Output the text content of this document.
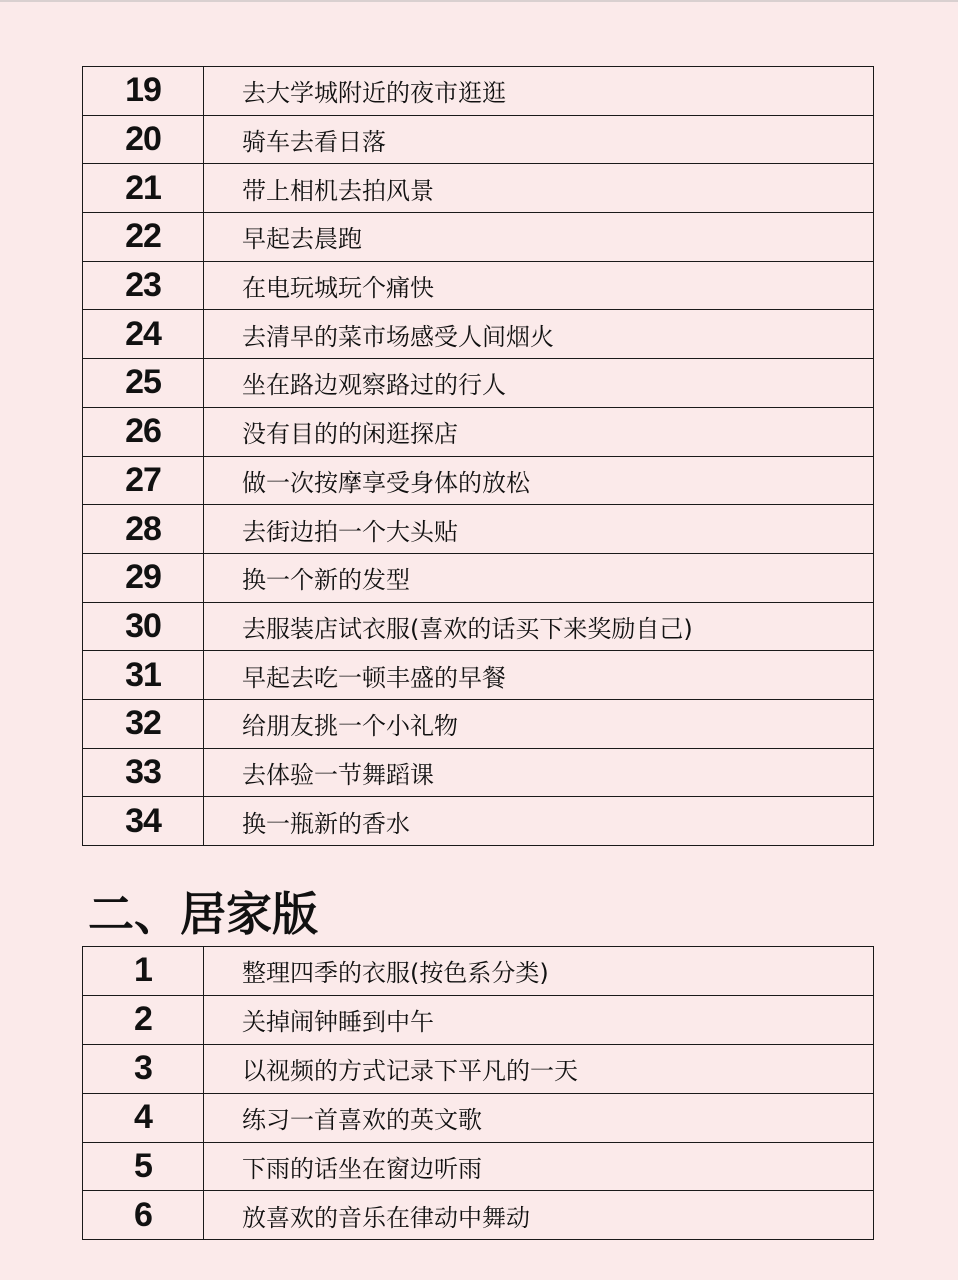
19	去大学城附近的夜市逛逛
20	骑车去看日落
21	带上相机去拍风景
22	早起去晨跑
23	在电玩城玩个痛快
24	去清早的菜市场感受人间烟火
25	坐在路边观察路过的行人
26	没有目的的闲逛探店
27	做一次按摩享受身体的放松
28	去街边拍一个大头贴
29	换一个新的发型
30	去服装店试衣服(喜欢的话买下来奖励自己)
31	早起去吃一顿丰盛的早餐
32	给朋友挑一个小礼物
33	去体验一节舞蹈课
34	换一瓶新的香水
二、居家版
1	整理四季的衣服(按色系分类)
2	关掉闹钟睡到中午
3	以视频的方式记录下平凡的一天
4	练习一首喜欢的英文歌
5	下雨的话坐在窗边听雨
6	放喜欢的音乐在律动中舞动
